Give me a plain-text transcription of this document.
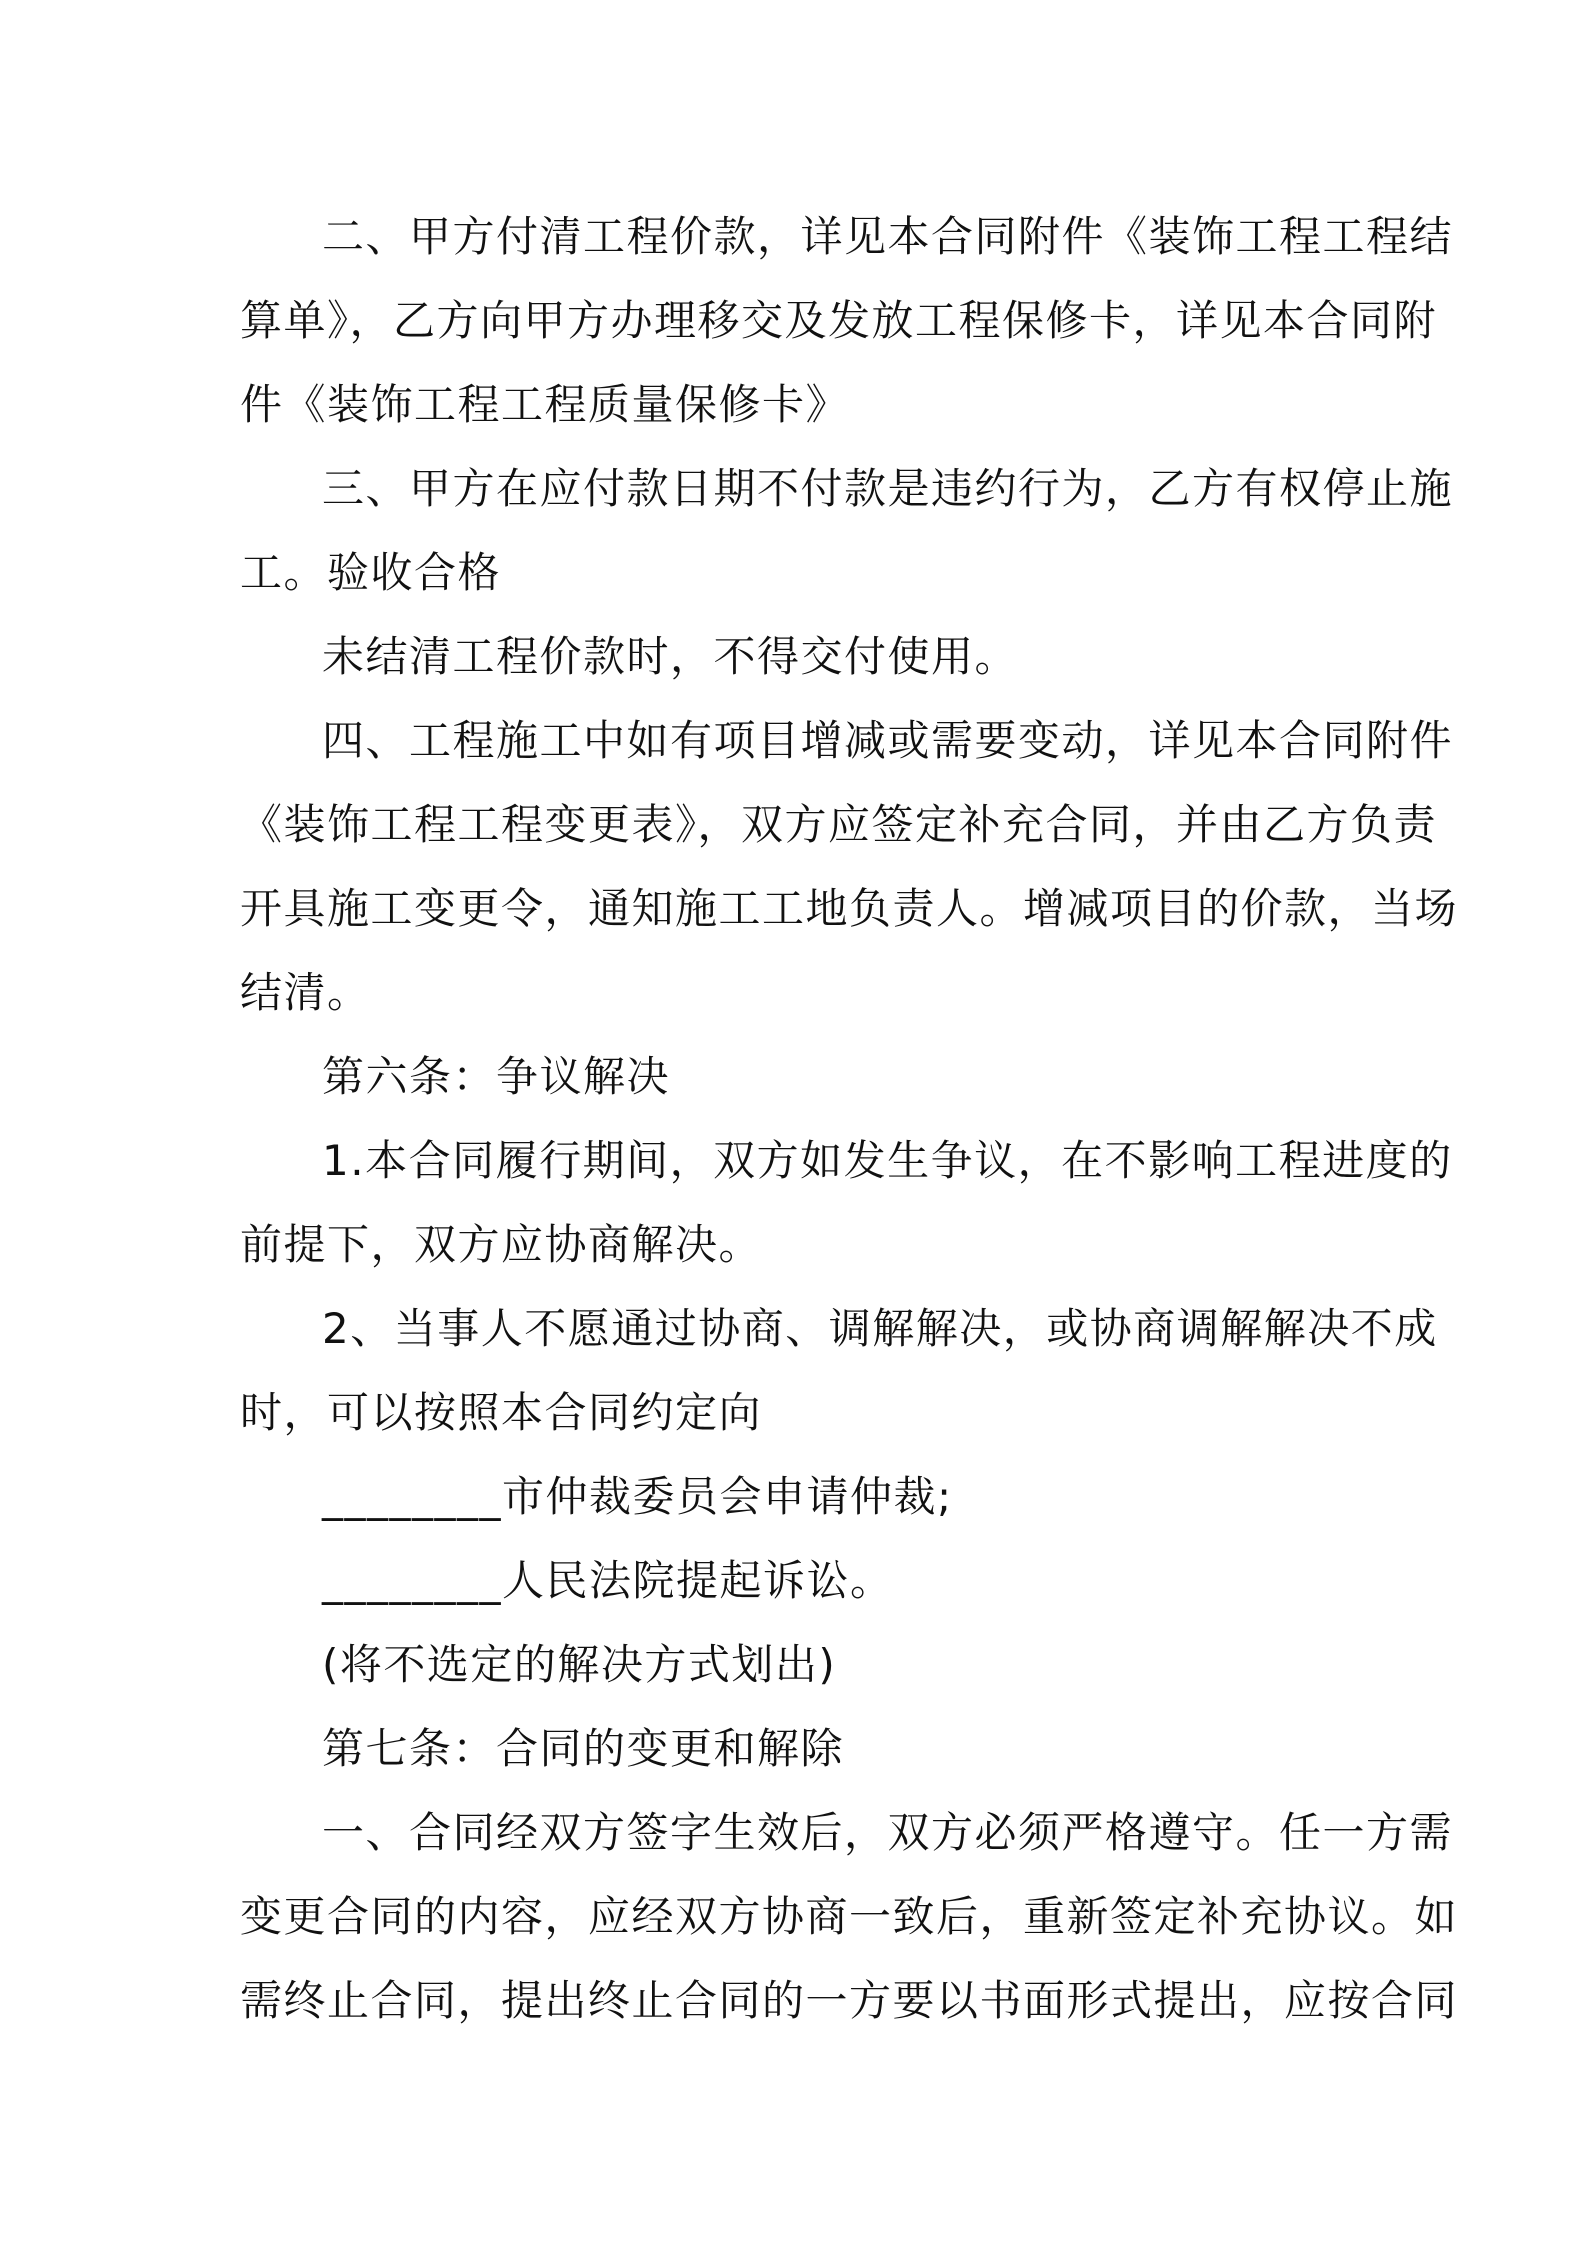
二、甲方付清工程价款，详见本合同附件《装饰工程工程结
算单》，乙方向甲方办理移交及发放工程保修卡，详见本合同附
件《装饰工程工程质量保修卡》
三、甲方在应付款日期不付款是违约行为，乙方有权停止施
工。验收合格
未结清工程价款时，不得交付使用。
四、工程施工中如有项目增减或需要变动，详见本合同附件
《装饰工程工程变更表》，双方应签定补充合同，并由乙方负责
开具施工变更令，通知施工工地负责人。增减项目的价款，当场
结清。
第六条：争议解决
1.本合同履行期间，双方如发生争议，在不影响工程进度的
前提下，双方应协商解决。
2、当事人不愿通过协商、调解解决，或协商调解解决不成
时，可以按照本合同约定向
________市仲裁委员会申请仲裁;
________人民法院提起诉讼。
(将不选定的解决方式划出)
第七条：合同的变更和解除
一、合同经双方签字生效后，双方必须严格遵守。任一方需
变更合同的内容，应经双方协商一致后，重新签定补充协议。如
需终止合同，提出终止合同的一方要以书面形式提出，应按合同
